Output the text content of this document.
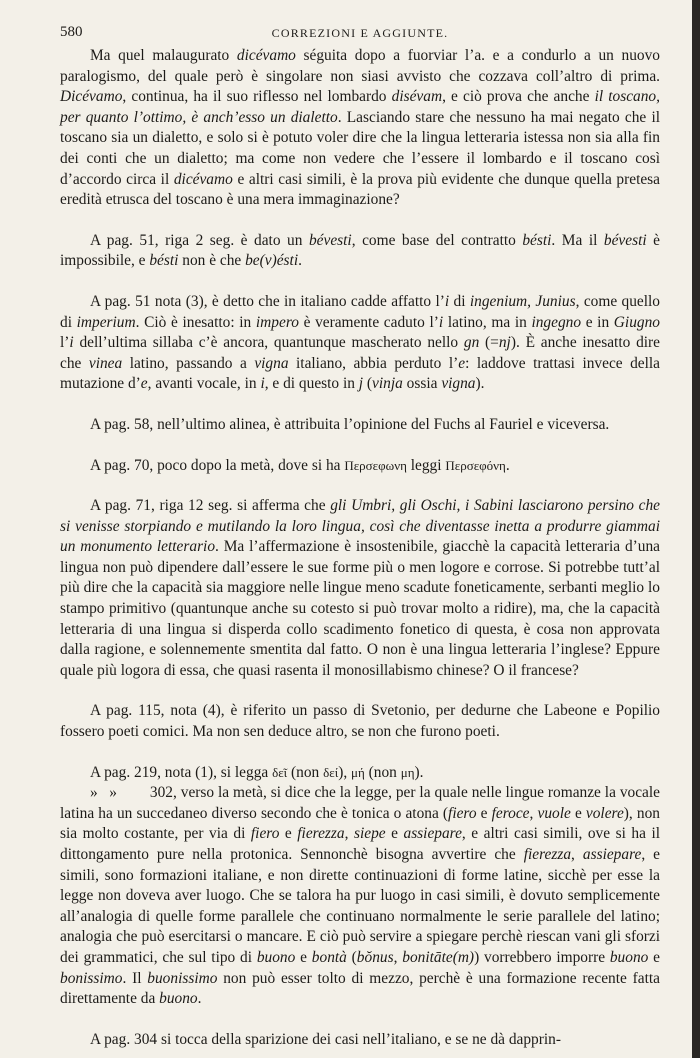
580	CORREZIONI E AGGIUNTE.

Ma quel malaugurato dicévamo séguita dopo a fuorviar l’a. e a condurlo a un nuovo paralogismo, del quale però è singolare non siasi avvisto che cozzava coll’altro di prima. Dicévamo, continua, ha il suo riflesso nel lombardo disévam, e ciò prova che anche il toscano, per quanto l’ottimo, è anch’esso un dialetto. Lasciando stare che nessuno ha mai negato che il toscano sia un dialetto, e solo si è potuto voler dire che la lingua letteraria istessa non sia alla fin dei conti che un dialetto; ma come non vedere che l’essere il lombardo e il toscano così d’accordo circa il dicévamo e altri casi simili, è la prova più evidente che dunque quella pretesa eredità etrusca del toscano è una mera immaginazione?

A pag. 51, riga 2 seg. è dato un bévesti, come base del contratto bésti. Ma il bévesti è impossibile, e bésti non è che be(v)ésti.

A pag. 51 nota (3), è detto che in italiano cadde affatto l’i di ingenium, Junius, come quello di imperium. Ciò è inesatto: in impero è veramente caduto l’i latino, ma in ingegno e in Giugno l’i dell’ultima sillaba c’è ancora, quantunque mascherato nello gn (=nj). È anche inesatto dire che vinea latino, passando a vigna italiano, abbia perduto l’e: laddove trattasi invece della mutazione d’e, avanti vocale, in i, e di questo in j (vinja ossia vigna).

A pag. 58, nell’ultimo alinea, è attribuita l’opinione del Fuchs al Fauriel e viceversa.

A pag. 70, poco dopo la metà, dove si ha Περσεφωνη leggi Περσεφόνη.

A pag. 71, riga 12 seg. si afferma che gli Umbri, gli Oschi, i Sabini lasciarono persino che si venisse storpiando e mutilando la loro lingua, così che diventasse inetta a produrre giammai un monumento letterario. Ma l’affermazione è insostenibile, giacchè la capacità letteraria d’una lingua non può dipendere dall’essere le sue forme più o men logore e corrose. Si potrebbe tutt’al più dire che la capacità sia maggiore nelle lingue meno scadute foneticamente, serbanti meglio lo stampo primitivo (quantunque anche su cotesto si può trovar molto a ridire), ma, che la capacità letteraria di una lingua si disperda collo scadimento fonetico di questa, è cosa non approvata dalla ragione, e solennemente smentita dal fatto. O non è una lingua letteraria l’inglese? Eppure quale più logora di essa, che quasi rasenta il monosillabismo chinese? O il francese?

A pag. 115, nota (4), è riferito un passo di Svetonio, per dedurne che Labeone e Popilio fossero poeti comici. Ma non sen deduce altro, se non che furono poeti.

A pag. 219, nota (1), si legga δεῖ (non δεί), μή (non μη).

»   » 302, verso la metà, si dice che la legge, per la quale nelle lingue romanze la vocale latina ha un succedaneo diverso secondo che è tonica o atona (fiero e feroce, vuole e volere), non sia molto costante, per via di fiero e fierezza, siepe e assiepare, e altri casi simili, ove si ha il dittongamento pure nella protonica. Sennonchè bisogna avvertire che fierezza, assiepare, e simili, sono formazioni italiane, e non dirette continuazioni di forme latine, sicchè per esse la legge non doveva aver luogo. Che se talora ha pur luogo in casi simili, è dovuto semplicemente all’analogia di quelle forme parallele che continuano normalmente le serie parallele del latino; analogia che può esercitarsi o mancare. E ciò può servire a spiegare perchè riescan vani gli sforzi dei grammatici, che sul tipo di buono e bontà (bŏnus, bonitāte(m)) vorrebbero imporre buono e bonissimo. Il buonissimo non può esser tolto di mezzo, perchè è una formazione recente fatta direttamente da buono.

A pag. 304 si tocca della sparizione dei casi nell’italiano, e se ne dà dapprin-
